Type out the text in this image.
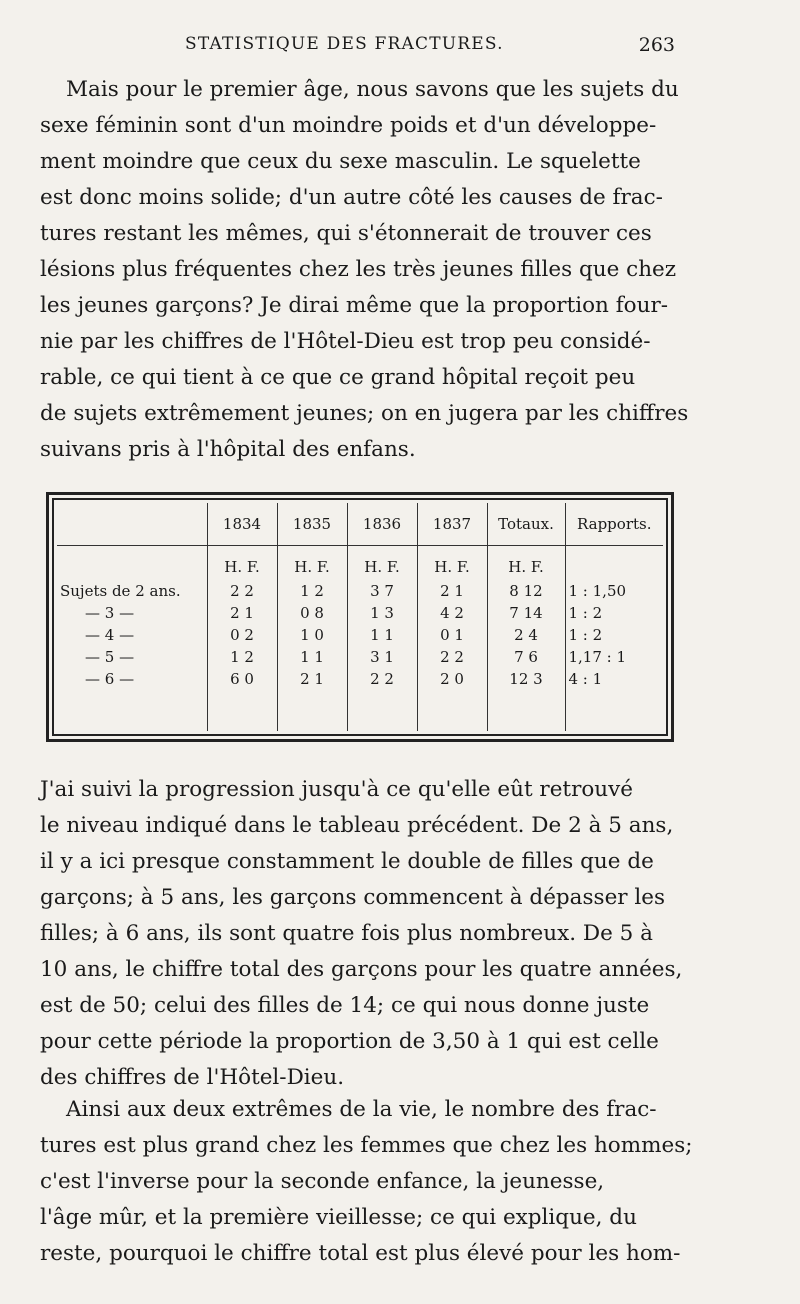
STATISTIQUE DES FRACTURES.	263

Mais pour le premier âge, nous savons que les sujets du
sexe féminin sont d'un moindre poids et d'un développe-
ment moindre que ceux du sexe masculin. Le squelette
est donc moins solide; d'un autre côté les causes de frac-
tures restant les mêmes, qui s'étonnerait de trouver ces
lésions plus fréquentes chez les très jeunes filles que chez
les jeunes garçons? Je dirai même que la proportion four-
nie par les chiffres de l'Hôtel-Dieu est trop peu considé-
rable, ce qui tient à ce que ce grand hôpital reçoit peu
de sujets extrêmement jeunes; on en jugera par les chiffres
suivans pris à l'hôpital des enfans.

	1834	1835	1836	1837	Totaux.	Rapports.
	H. F.	H. F.	H. F.	H. F.	H. F.	
Sujets de 2 ans.	2 2	1 2	3 7	2 1	8 12	1 : 1,50
— 3 —	2 1	0 8	1 3	4 2	7 14	1 : 2
— 4 —	0 2	1 0	1 1	0 1	2 4	1 : 2
— 5 —	1 2	1 1	3 1	2 2	7 6	1,17 : 1
— 6 —	6 0	2 1	2 2	2 0	12 3	4 : 1

J'ai suivi la progression jusqu'à ce qu'elle eût retrouvé
le niveau indiqué dans le tableau précédent. De 2 à 5 ans,
il y a ici presque constamment le double de filles que de
garçons; à 5 ans, les garçons commencent à dépasser les
filles; à 6 ans, ils sont quatre fois plus nombreux. De 5 à
10 ans, le chiffre total des garçons pour les quatre années,
est de 50; celui des filles de 14; ce qui nous donne juste
pour cette période la proportion de 3,50 à 1 qui est celle
des chiffres de l'Hôtel-Dieu.

Ainsi aux deux extrêmes de la vie, le nombre des frac-
tures est plus grand chez les femmes que chez les hommes;
c'est l'inverse pour la seconde enfance, la jeunesse,
l'âge mûr, et la première vieillesse; ce qui explique, du
reste, pourquoi le chiffre total est plus élevé pour les hom-
